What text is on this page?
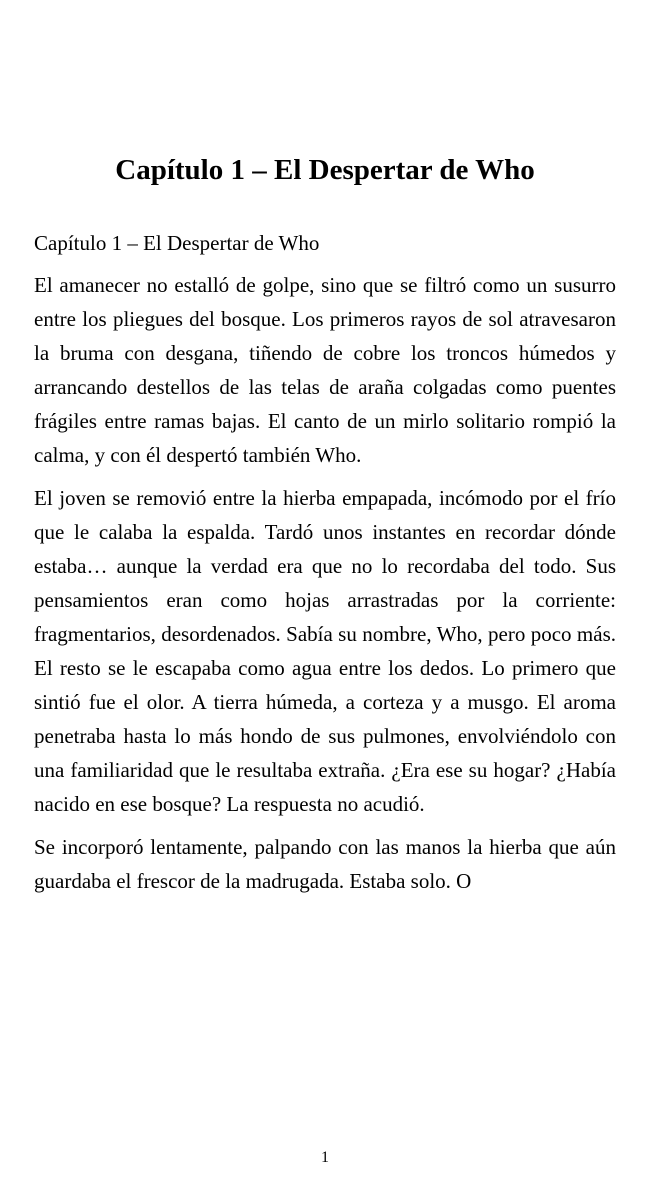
Capítulo 1 – El Despertar de Who
Capítulo 1 – El Despertar de Who

El amanecer no estalló de golpe, sino que se filtró como un susurro entre los pliegues del bosque. Los primeros rayos de sol atravesaron la bruma con desgana, tiñendo de cobre los troncos húmedos y arrancando destellos de las telas de araña colgadas como puentes frágiles entre ramas bajas. El canto de un mirlo solitario rompió la calma, y con él despertó también Who.

El joven se removió entre la hierba empapada, incómodo por el frío que le calaba la espalda. Tardó unos instantes en recordar dónde estaba… aunque la verdad era que no lo recordaba del todo. Sus pensamientos eran como hojas arrastradas por la corriente: fragmentarios, desordenados. Sabía su nombre, Who, pero poco más. El resto se le escapaba como agua entre los dedos. Lo primero que sintió fue el olor. A tierra húmeda, a corteza y a musgo. El aroma penetraba hasta lo más hondo de sus pulmones, envolviéndolo con una familiaridad que le resultaba extraña. ¿Era ese su hogar? ¿Había nacido en ese bosque? La respuesta no acudió.

Se incorporó lentamente, palpando con las manos la hierba que aún guardaba el frescor de la madrugada. Estaba solo. O

1
